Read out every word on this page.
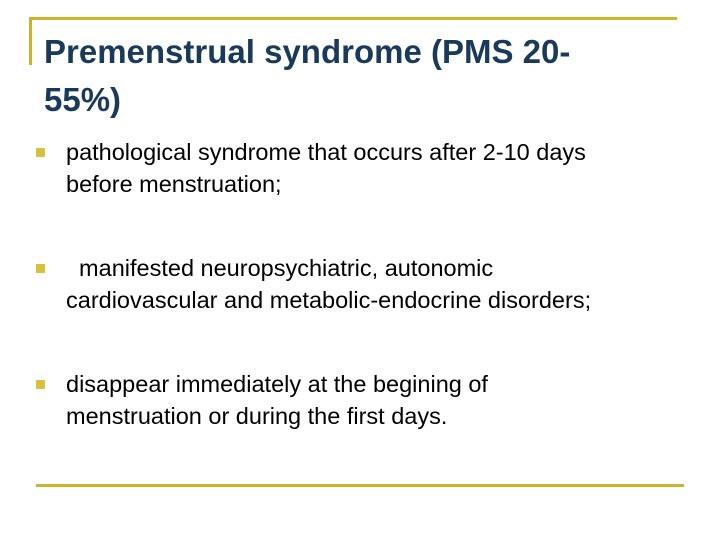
Premenstrual syndrome (PMS 20-
55%)
pathological syndrome that occurs after 2-10 days
before menstruation;
manifested neuropsychiatric, autonomic
cardiovascular and metabolic-endocrine disorders;
disappear immediately at the begining of
menstruation or during the first days.
